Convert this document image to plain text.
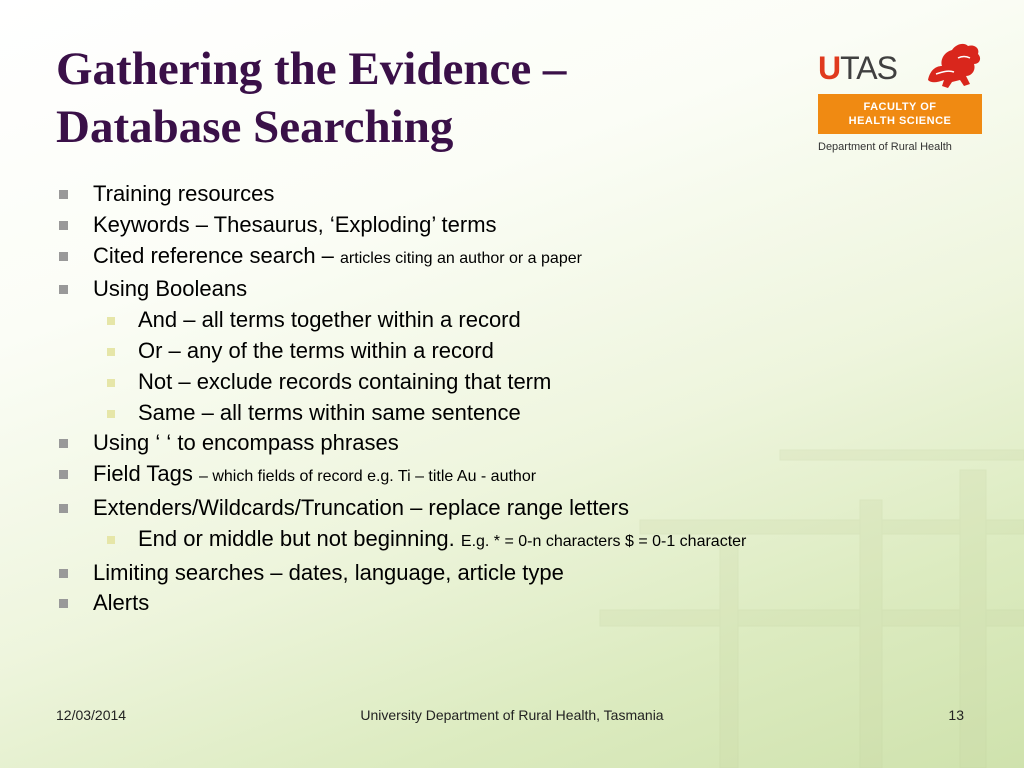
Gathering the Evidence –
Database Searching
UTAS
FACULTY OF
HEALTH SCIENCE
Department of Rural Health
Training resources
Keywords – Thesaurus, ‘Exploding’ terms
Cited reference search – articles citing an author or a paper
Using Booleans
And – all terms together within a record
Or – any of the terms within a record
Not – exclude records containing that term
Same – all terms within same sentence
Using ‘ ‘ to encompass phrases
Field Tags – which fields of record e.g. Ti – title Au - author
Extenders/Wildcards/Truncation – replace range letters
End or middle but not beginning. E.g. * = 0-n characters $ = 0-1 character
Limiting searches – dates, language, article type
Alerts
12/03/2014	University Department of Rural Health, Tasmania	13
